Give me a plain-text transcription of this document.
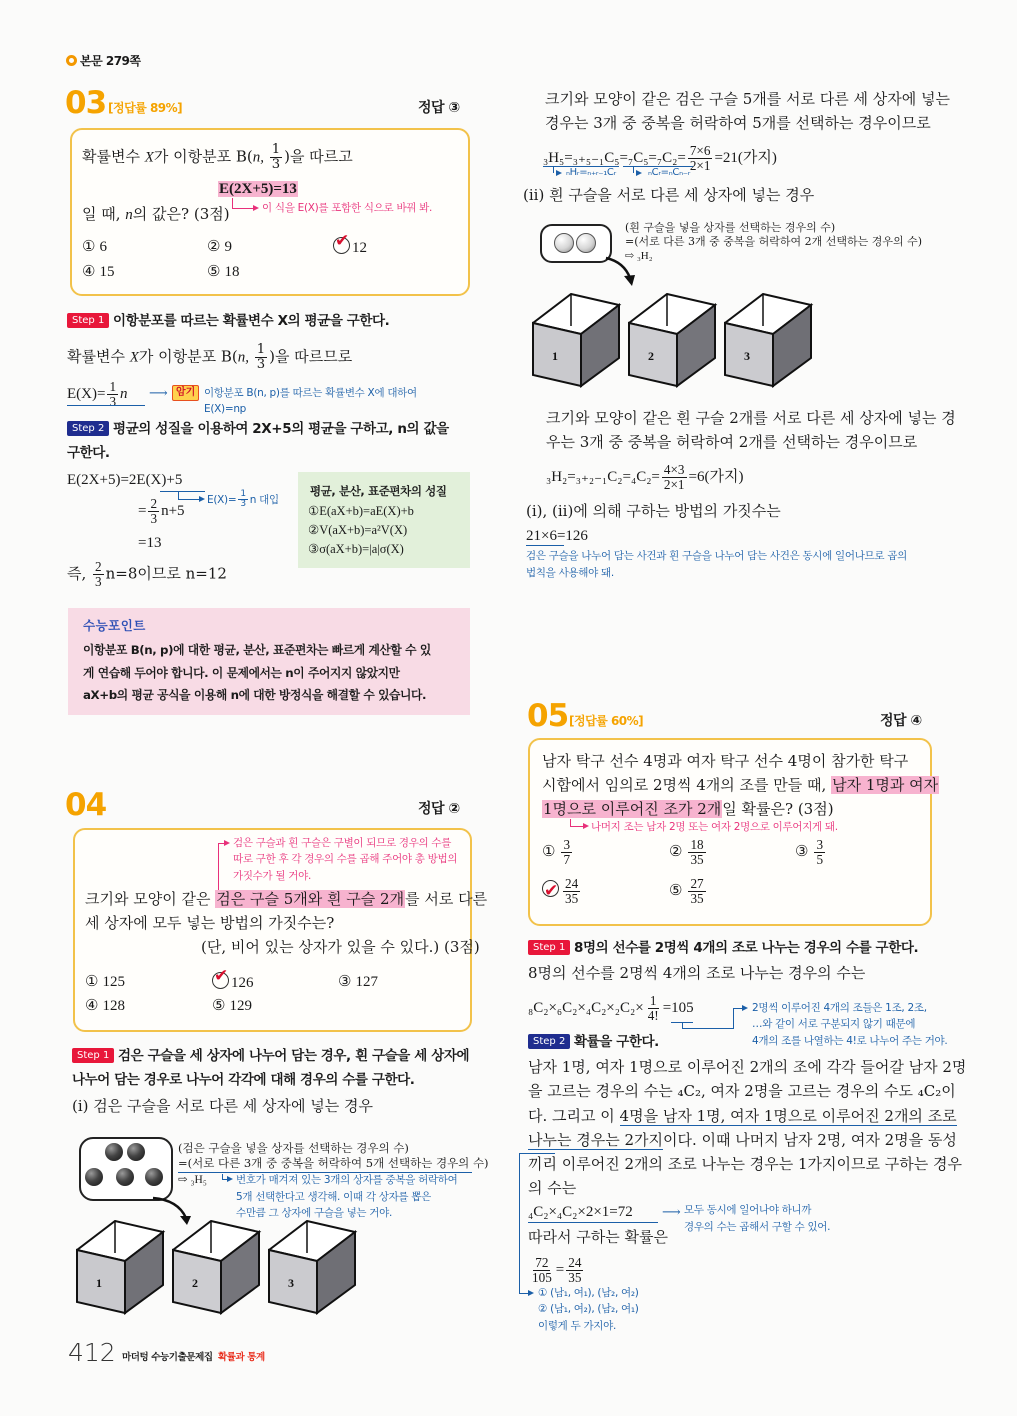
본문 279쪽
03 [정답률 89%]	정답 ③
확률변수 X가 이항분포 B(n, $\frac{1}{3}$ )을 따르고
E(2X+5)=13
이 식을 E(X)를 포함한 식으로 바꿔 봐.
일 때, n의 값은? (3점)
① 6	② 9 ✔	12
④ 15	⑤ 18
Step 1 이항분포를 따르는 확률변수 X의 평균을 구한다.
확률변수 X가 이항분포 B(n, $\frac{1}{3}$ )을 따르므로
$E(X)= \frac{1}{3}$ n ⟶ 암기 이항분포 B(n, p)를 따르는 확률변수 X에 대하여
E(X)=np
Step 2 평균의 성질을 이용하여 2X+5의 평균을 구하고, n의 값을
구한다.
E(2X+5)=2E(X)+5
$E(X)= \frac{1}{3}$ n 대입
= $\frac{2}{3} n+5$
=13
즉, $\frac{2}{3} n=8$이므로 n=12
평균, 분산, 표준편차의 성질
①E(aX+b)=aE(X)+b
②V(aX+b)=a²V(X)
③σ(aX+b)=|a|σ(X)
수능포인트
이항분포 B(n, p)에 대한 평균, 분산, 표준편차는 빠르게 계산할 수 있
게 연습해 두어야 합니다. 이 문제에서는 n이 주어지지 않았지만
aX+b의 평균 공식을 이용해 n에 대한 방정식을 해결할 수 있습니다.
04	정답 ②
검은 구슬과 흰 구슬은 구별이 되므로 경우의 수를
따로 구한 후 각 경우의 수를 곱해 주어야 총 방법의
가짓수가 될 거야.
크기와 모양이 같은 검은 구슬 5개와 흰 구슬 2개를 서로 다른
세 상자에 모두 넣는 방법의 가짓수는?
(단, 비어 있는 상자가 있을 수 있다.) (3점)
① 125 ✔	126	③ 127
④ 128	⑤ 129
Step 1 검은 구슬을 세 상자에 나누어 담는 경우, 흰 구슬을 세 상자에
나누어 담는 경우로 나누어 각각에 대해 경우의 수를 구한다.
(i) 검은 구슬을 서로 다른 세 상자에 넣는 경우
(검은 구슬을 넣을 상자를 선택하는 경우의 수)
=(서로 다른 3개 중 중복을 허락하여 5개 선택하는 경우의 수)
⇨ ₃H₅	번호가 매겨져 있는 3개의 상자를 중복을 허락하여
5개 선택한다고 생각해. 이때 각 상자를 뽑은
수만큼 그 상자에 구슬을 넣는 거야.
1	2	3
412 마더텅 수능기출문제집 확률과 통계
크기와 모양이 같은 검은 구슬 5개를 서로 다른 세 상자에 넣는
경우는 3개 중 중복을 허락하여 5개를 선택하는 경우이므로
$_3H_5=_{3+5-1}C_5=_7C_5=_7C_2= \frac{7\times 6}{2\times 1} =21$(가지)
ₙHᵣ=ₙ₊ᵣ₋₁Cᵣ	ₙCᵣ=ₙCₙ₋ᵣ
(ii) 흰 구슬을 서로 다른 세 상자에 넣는 경우
(흰 구슬을 넣을 상자를 선택하는 경우의 수)
=(서로 다른 3개 중 중복을 허락하여 2개 선택하는 경우의 수)
⇨ ₃H₂
1	2	3
크기와 모양이 같은 흰 구슬 2개를 서로 다른 세 상자에 넣는 경
우는 3개 중 중복을 허락하여 2개를 선택하는 경우이므로
$_3H_2=_{3+2-1}C_2=_4C_2= \frac{4\times 3}{2\times 1} =6$(가지)
(i), (ii)에 의해 구하는 방법의 가짓수는
21×6=126
검은 구슬을 나누어 담는 사건과 흰 구슬을 나누어 담는 사건은 동시에 일어나므로 곱의
법칙을 사용해야 돼.
05 [정답률 60%]	정답 ④
남자 탁구 선수 4명과 여자 탁구 선수 4명이 참가한 탁구
시합에서 임의로 2명씩 4개의 조를 만들 때, 남자 1명과 여자
1명으로 이루어진 조가 2개일 확률은? (3점)
나머지 조는 남자 2명 또는 여자 2명으로 이루어지게 돼.
① $\frac{3}{7}$	② $\frac{18}{35}$	③ $\frac{3}{5}$
✔
$\frac{24}{35}$	⑤ $\frac{27}{35}$
Step 1 8명의 선수를 2명씩 4개의 조로 나누는 경우의 수를 구한다.
8명의 선수를 2명씩 4개의 조로 나누는 경우의 수는
$_8C_2\times_6C_2\times_4C_2\times_2C_2\times \frac{1}{4!} =105$	2명씩 이루어진 4개의 조들은 1조, 2조,
…와 같이 서로 구분되지 않기 때문에
4개의 조를 나열하는 4!로 나누어 주는 거야.
Step 2 확률을 구한다.
남자 1명, 여자 1명으로 이루어진 2개의 조에 각각 들어갈 남자 2명
을 고르는 경우의 수는 ₄C₂, 여자 2명을 고르는 경우의 수도 ₄C₂이
다. 그리고 이 4명을 남자 1명, 여자 1명으로 이루어진 2개의 조로
나누는 경우는 2가지이다. 이때 나머지 남자 2명, 여자 2명을 동성
끼리 이루어진 2개의 조로 나누는 경우는 1가지이므로 구하는 경우
의 수는
₄C₂×₄C₂×2×1=72 ⟶ 모두 동시에 일어나야 하니까
경우의 수는 곱해서 구할 수 있어.
따라서 구하는 확률은
$\frac{72}{105} = \frac{24}{35}$
① (남₁, 여₁), (남₂, 여₂)
② (남₁, 여₂), (남₂, 여₁)
이렇게 두 가지야.
